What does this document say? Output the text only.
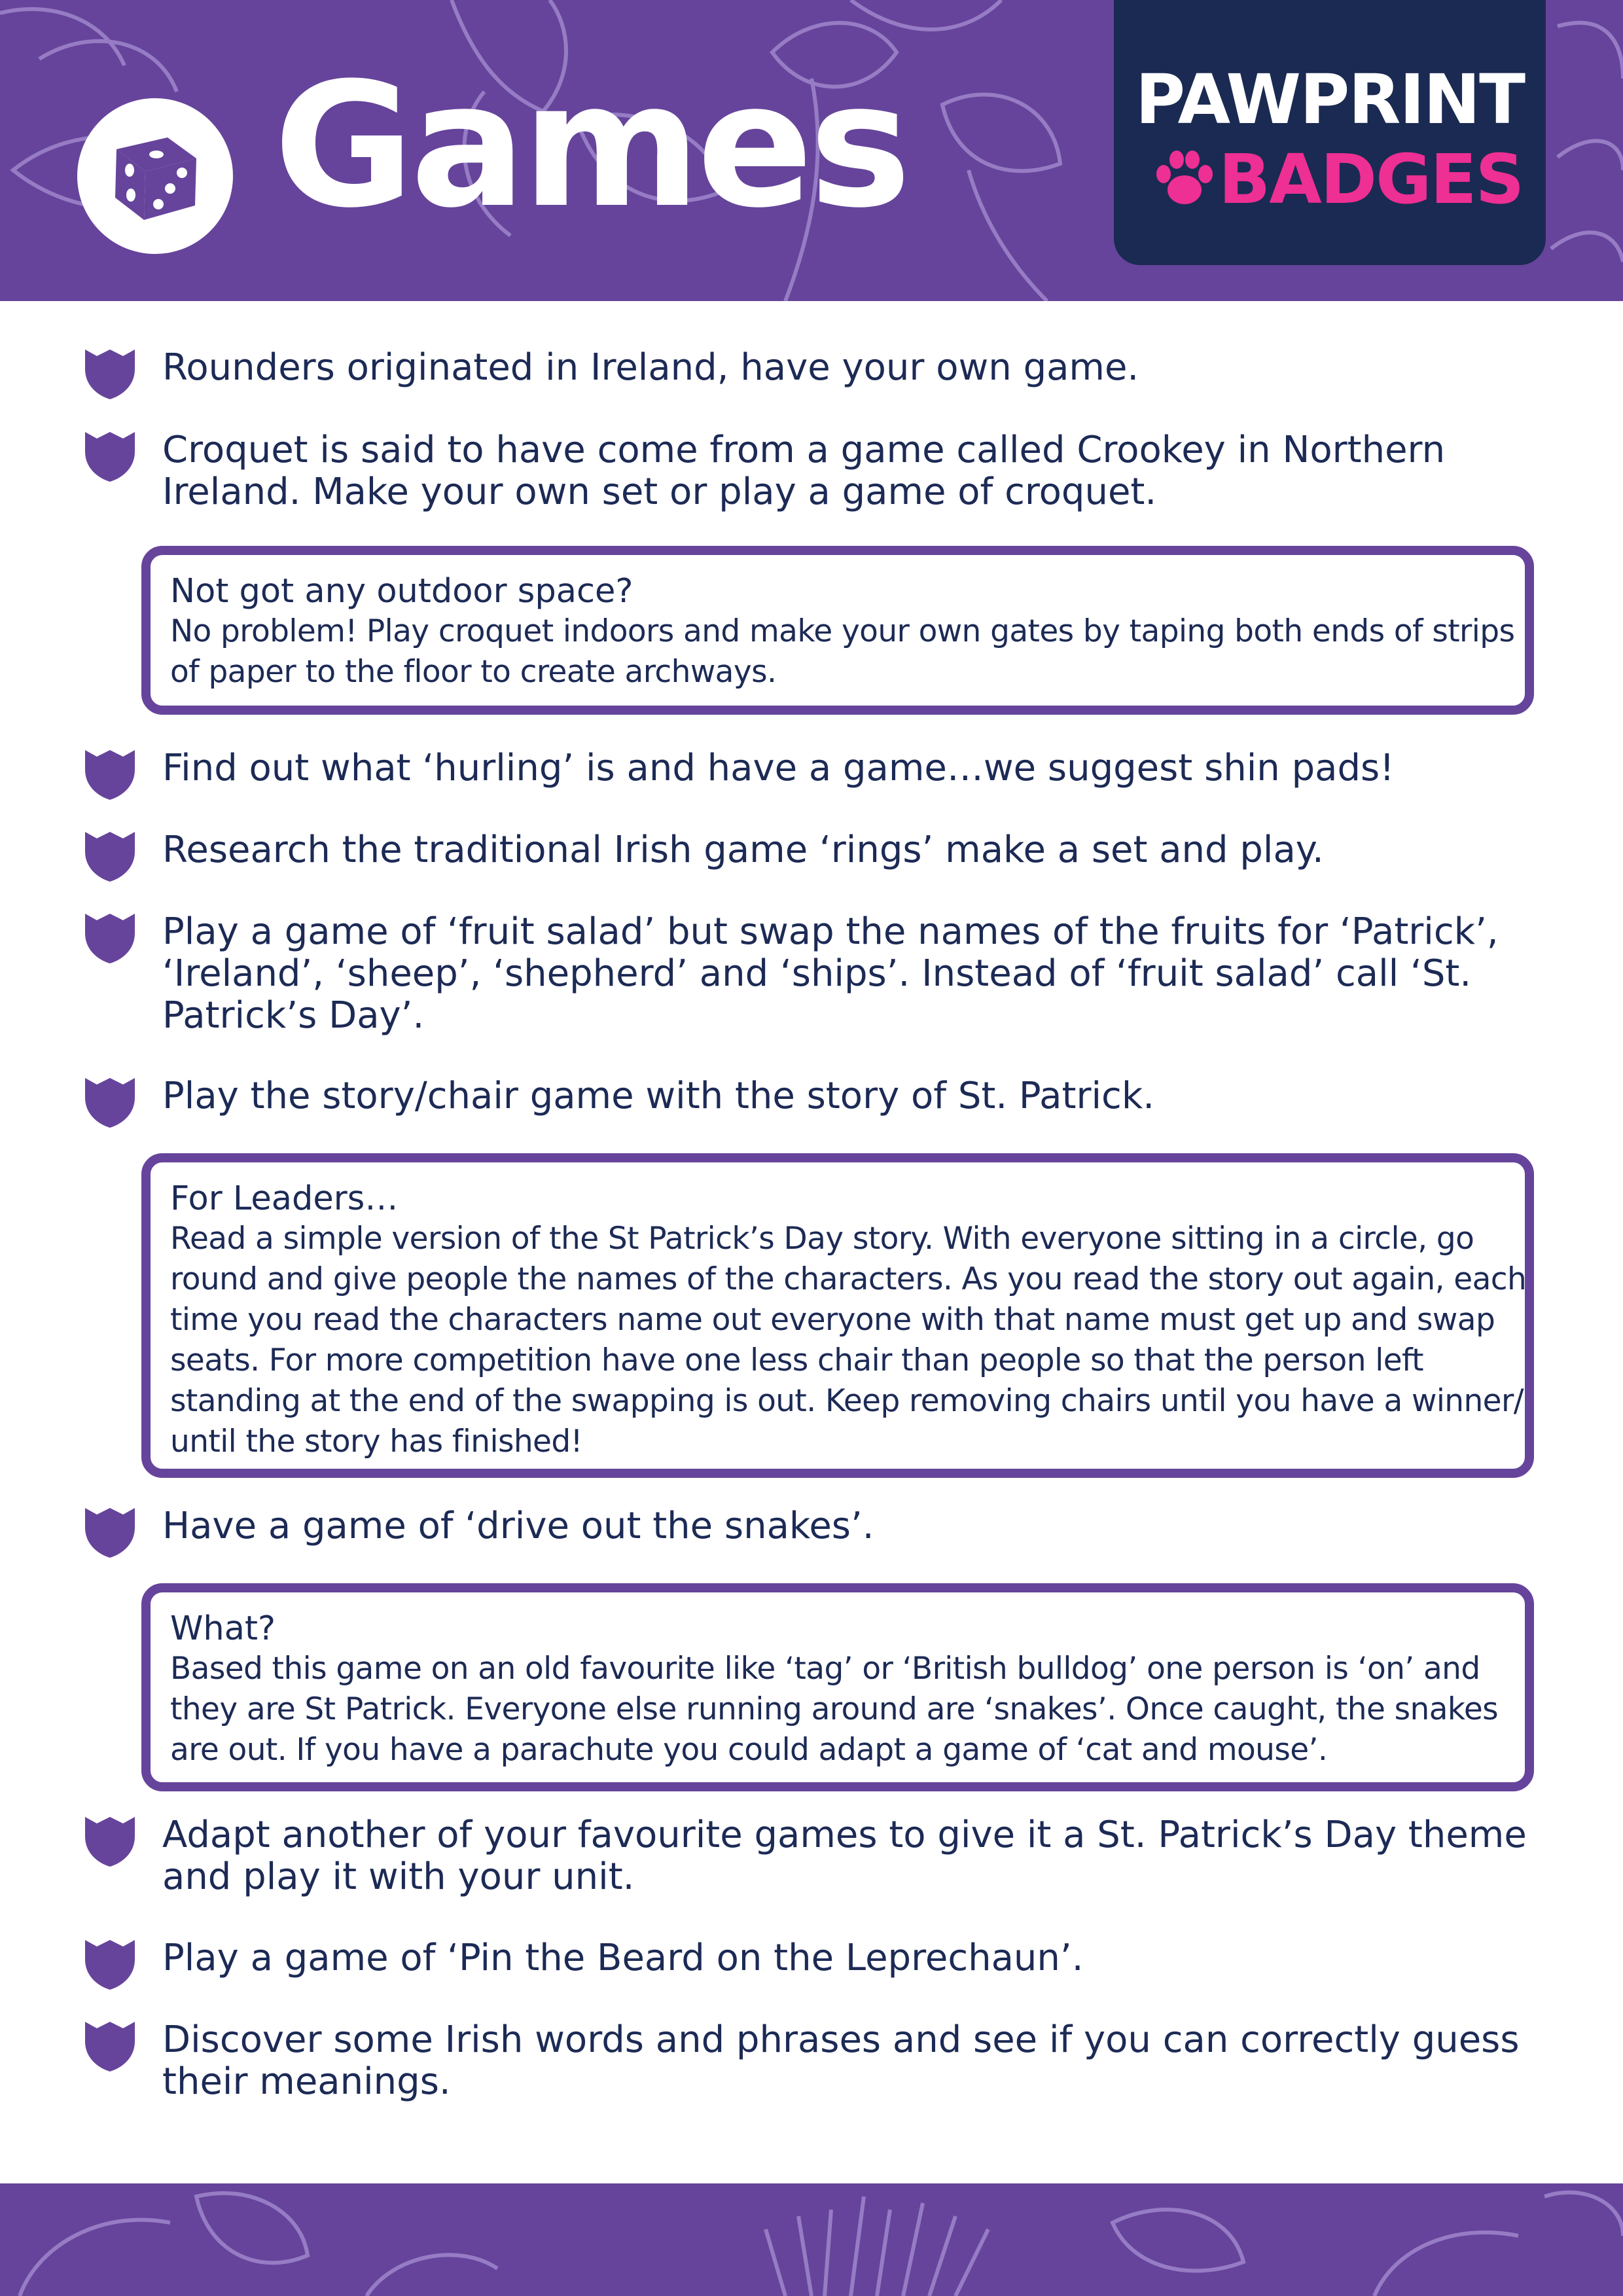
Games	PAWPRINT
BADGES
Rounders originated in Ireland, have your own game.
Croquet is said to have come from a game called Crookey in Northern Ireland. Make your own set or play a game of croquet.
Not got any outdoor space?
No problem! Play croquet indoors and make your own gates by taping both ends of strips of paper to the floor to create archways.
Find out what ‘hurling’ is and have a game…we suggest shin pads!
Research the traditional Irish game ‘rings’ make a set and play.
Play a game of ‘fruit salad’ but swap the names of the fruits for ‘Patrick’, ‘Ireland’, ‘sheep’, ‘shepherd’ and ‘ships’. Instead of ‘fruit salad’ call ‘St. Patrick’s Day’.
Play the story/chair game with the story of St. Patrick.
For Leaders…
Read a simple version of the St Patrick’s Day story. With everyone sitting in a circle, go round and give people the names of the characters. As you read the story out again, each time you read the characters name out everyone with that name must get up and swap seats. For more competition have one less chair than people so that the person left standing at the end of the swapping is out. Keep removing chairs until you have a winner/ until the story has finished!
Have a game of ‘drive out the snakes’.
What?
Based this game on an old favourite like ‘tag’ or ‘British bulldog’ one person is ‘on’ and they are St Patrick. Everyone else running around are ‘snakes’. Once caught, the snakes are out. If you have a parachute you could adapt a game of ‘cat and mouse’.
Adapt another of your favourite games to give it a St. Patrick’s Day theme and play it with your unit.
Play a game of ‘Pin the Beard on the Leprechaun’.
Discover some Irish words and phrases and see if you can correctly guess their meanings.
